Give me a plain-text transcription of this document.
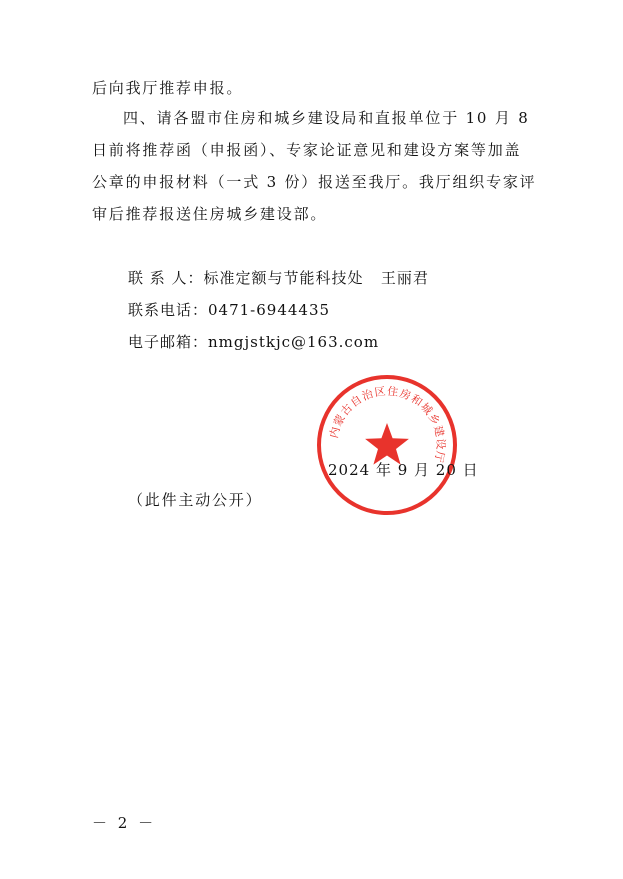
后向我厅推荐申报。
四、请各盟市住房和城乡建设局和直报单位于 10 月 8
日前将推荐函（申报函）、专家论证意见和建设方案等加盖
公章的申报材料（一式 3 份）报送至我厅。我厅组织专家评
审后推荐报送住房城乡建设部。
联 系 人：标准定额与节能科技处   王丽君
联系电话：0471-6944435
电子邮箱：nmgjstkjc@163.com
内蒙古自治区住房和城乡建设厅
2024 年 9 月 20 日
（此件主动公开）
－ 2 －
